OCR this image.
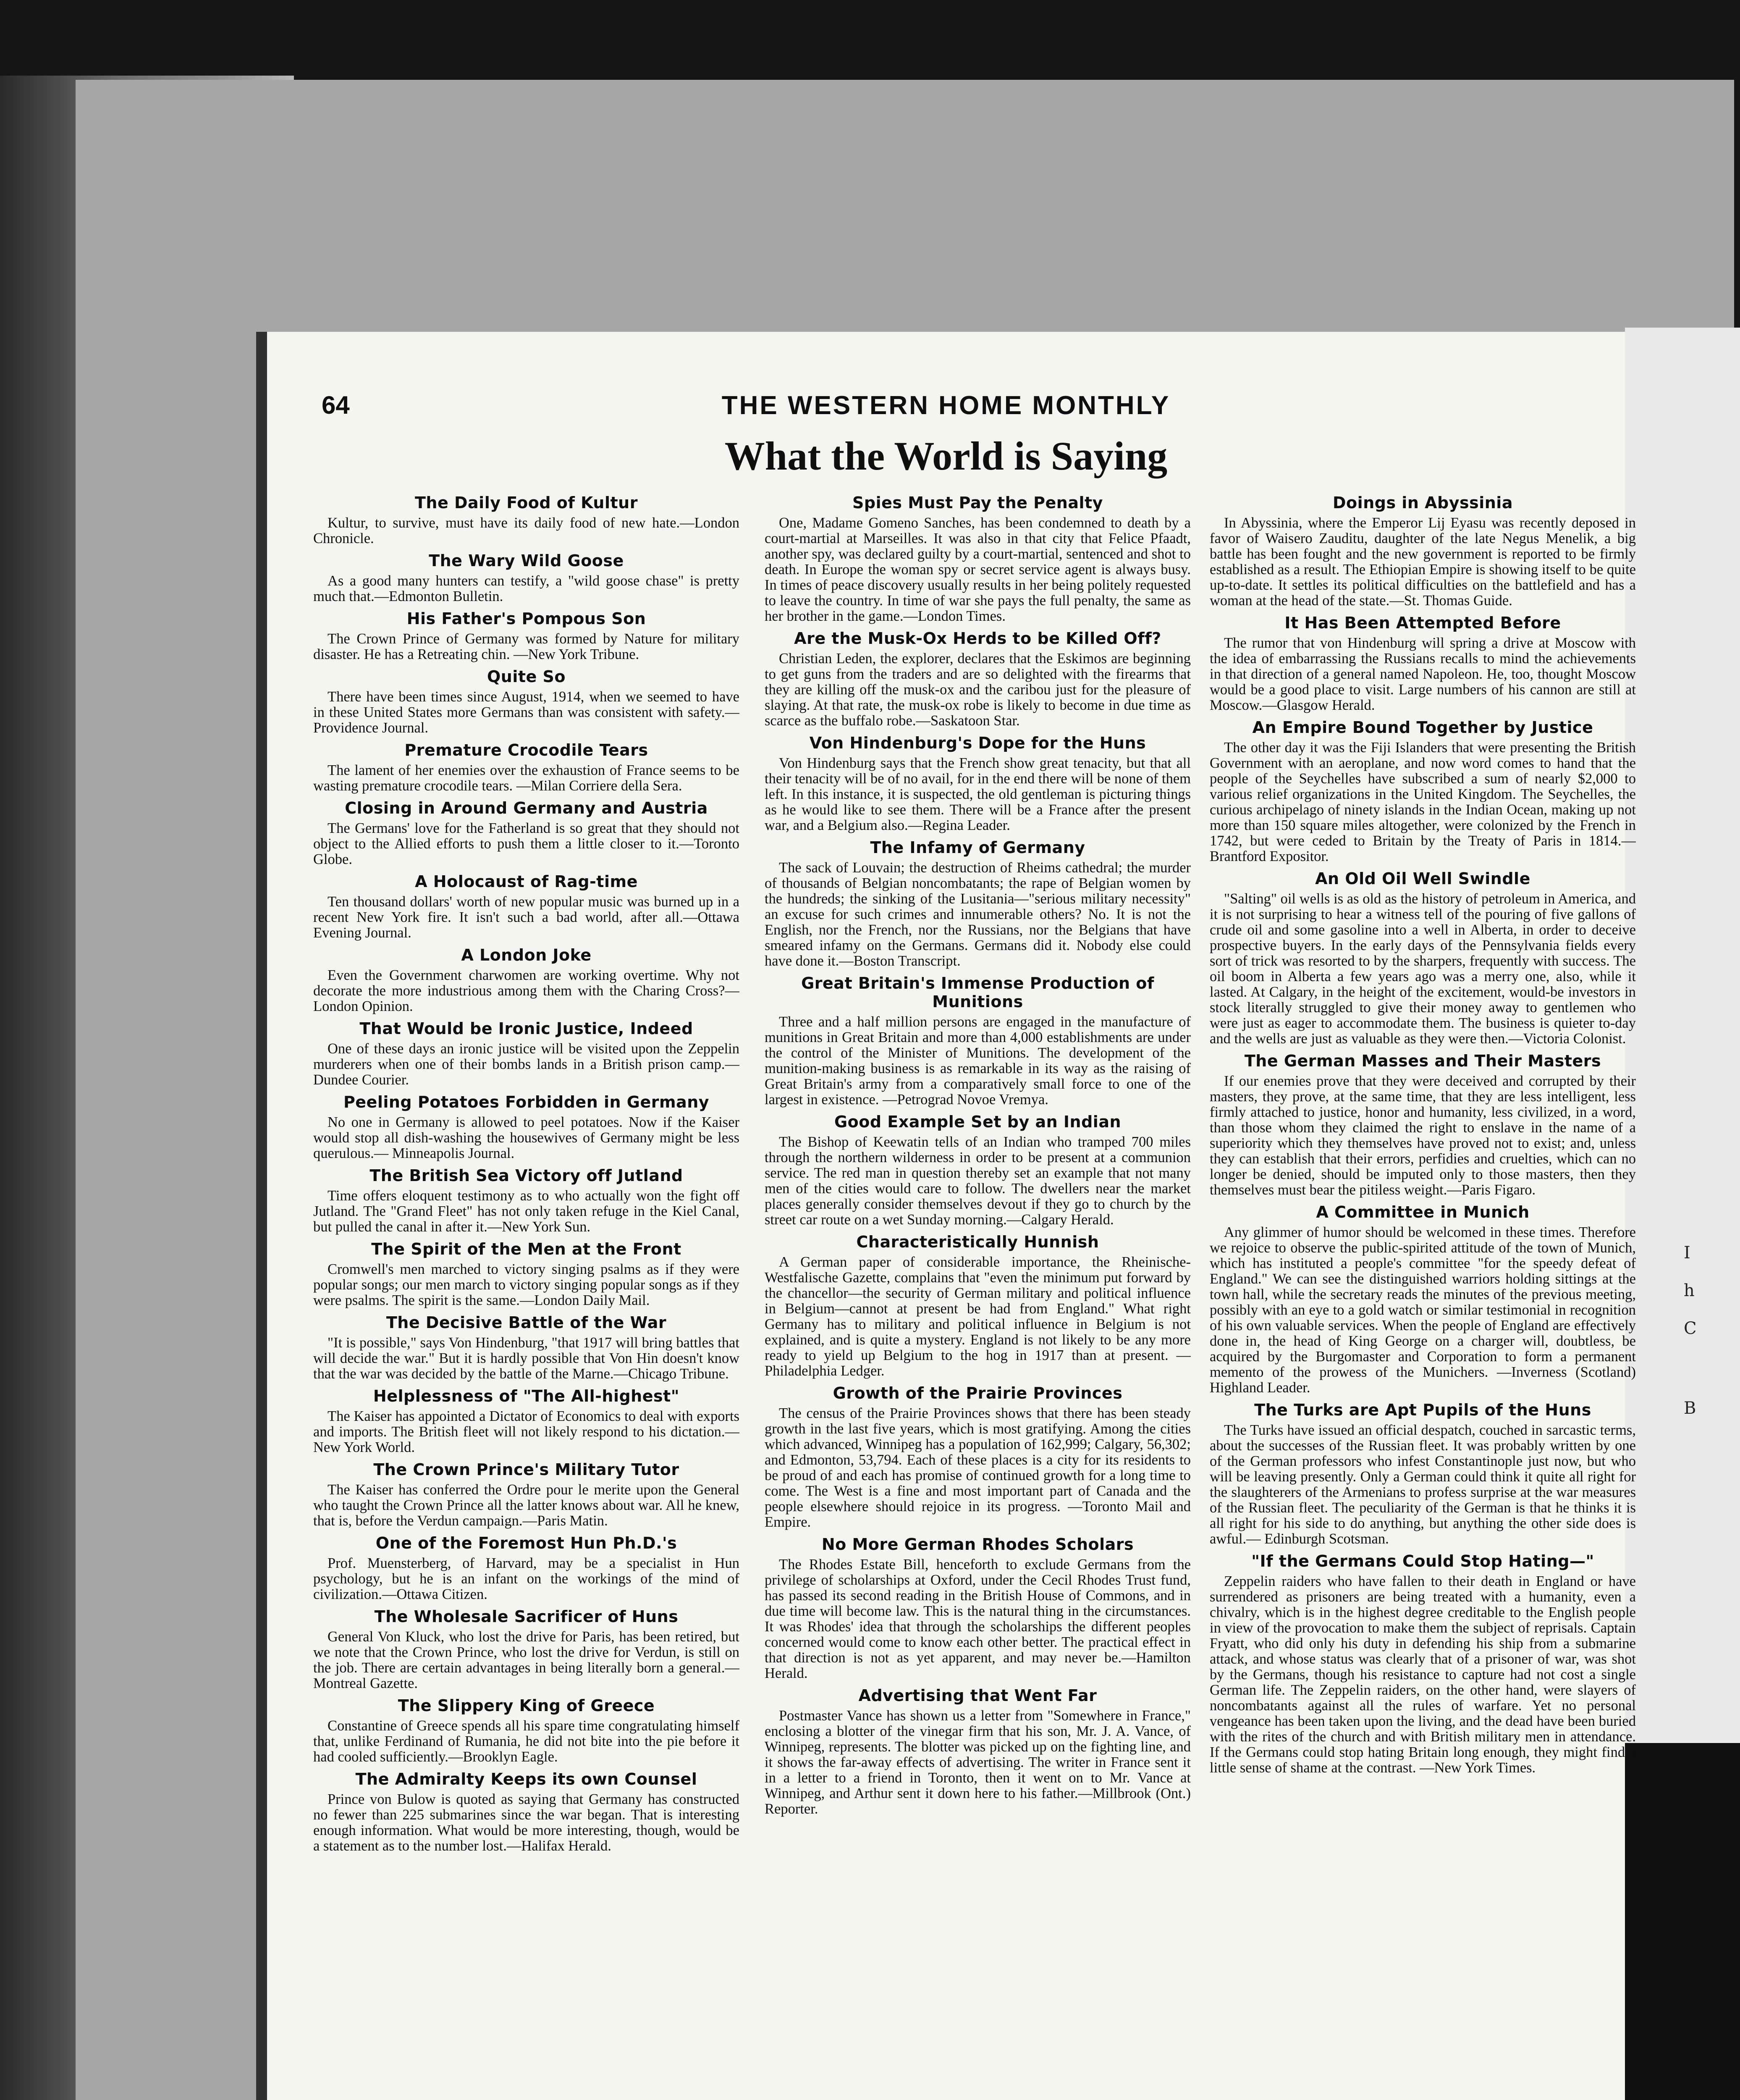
I
h
C
B
64	THE WESTERN HOME MONTHLY
What the World is Saying
The Daily Food of Kultur

Kultur, to survive, must have its daily food of new hate.—London Chronicle.

The Wary Wild Goose

As a good many hunters can testify, a "wild goose chase" is pretty much that.—Edmonton Bulletin.

His Father's Pompous Son

The Crown Prince of Germany was formed by Nature for military disaster. He has a Retreating chin. —New York Tribune.

Quite So

There have been times since August, 1914, when we seemed to have in these United States more Germans than was consistent with safety.—Providence Journal.

Premature Crocodile Tears

The lament of her enemies over the exhaustion of France seems to be wasting premature crocodile tears. —Milan Corriere della Sera.

Closing in Around Germany and Austria

The Germans' love for the Fatherland is so great that they should not object to the Allied efforts to push them a little closer to it.—Toronto Globe.

A Holocaust of Rag-time

Ten thousand dollars' worth of new popular music was burned up in a recent New York fire. It isn't such a bad world, after all.—Ottawa Evening Journal.

A London Joke

Even the Government charwomen are working overtime. Why not decorate the more industrious among them with the Charing Cross?—London Opinion.

That Would be Ironic Justice, Indeed

One of these days an ironic justice will be visited upon the Zeppelin murderers when one of their bombs lands in a British prison camp.—Dundee Courier.

Peeling Potatoes Forbidden in Germany

No one in Germany is allowed to peel potatoes. Now if the Kaiser would stop all dish-washing the housewives of Germany might be less querulous.— Minneapolis Journal.

The British Sea Victory off Jutland

Time offers eloquent testimony as to who actually won the fight off Jutland. The "Grand Fleet" has not only taken refuge in the Kiel Canal, but pulled the canal in after it.—New York Sun.

The Spirit of the Men at the Front

Cromwell's men marched to victory singing psalms as if they were popular songs; our men march to victory singing popular songs as if they were psalms. The spirit is the same.—London Daily Mail.

The Decisive Battle of the War

"It is possible," says Von Hindenburg, "that 1917 will bring battles that will decide the war." But it is hardly possible that Von Hin doesn't know that the war was decided by the battle of the Marne.—Chicago Tribune.

Helplessness of "The All-highest"

The Kaiser has appointed a Dictator of Economics to deal with exports and imports. The British fleet will not likely respond to his dictation.—New York World.

The Crown Prince's Military Tutor

The Kaiser has conferred the Ordre pour le merite upon the General who taught the Crown Prince all the latter knows about war. All he knew, that is, before the Verdun campaign.—Paris Matin.

One of the Foremost Hun Ph.D.'s

Prof. Muensterberg, of Harvard, may be a specialist in Hun psychology, but he is an infant on the workings of the mind of civilization.—Ottawa Citizen.

The Wholesale Sacrificer of Huns

General Von Kluck, who lost the drive for Paris, has been retired, but we note that the Crown Prince, who lost the drive for Verdun, is still on the job. There are certain advantages in being literally born a general.—Montreal Gazette.

The Slippery King of Greece

Constantine of Greece spends all his spare time congratulating himself that, unlike Ferdinand of Rumania, he did not bite into the pie before it had cooled sufficiently.—Brooklyn Eagle.

The Admiralty Keeps its own Counsel

Prince von Bulow is quoted as saying that Germany has constructed no fewer than 225 submarines since the war began. That is interesting enough information. What would be more interesting, though, would be a statement as to the number lost.—Halifax Herald.

Spies Must Pay the Penalty

One, Madame Gomeno Sanches, has been condemned to death by a court-martial at Marseilles. It was also in that city that Felice Pfaadt, another spy, was declared guilty by a court-martial, sentenced and shot to death. In Europe the woman spy or secret service agent is always busy. In times of peace discovery usually results in her being politely requested to leave the country. In time of war she pays the full penalty, the same as her brother in the game.—London Times.

Are the Musk-Ox Herds to be Killed Off?

Christian Leden, the explorer, declares that the Eskimos are beginning to get guns from the traders and are so delighted with the firearms that they are killing off the musk-ox and the caribou just for the pleasure of slaying. At that rate, the musk-ox robe is likely to become in due time as scarce as the buffalo robe.—Saskatoon Star.

Von Hindenburg's Dope for the Huns

Von Hindenburg says that the French show great tenacity, but that all their tenacity will be of no avail, for in the end there will be none of them left. In this instance, it is suspected, the old gentleman is picturing things as he would like to see them. There will be a France after the present war, and a Belgium also.—Regina Leader.

The Infamy of Germany

The sack of Louvain; the destruction of Rheims cathedral; the murder of thousands of Belgian noncombatants; the rape of Belgian women by the hundreds; the sinking of the Lusitania—"serious military necessity" an excuse for such crimes and innumerable others? No. It is not the English, nor the French, nor the Russians, nor the Belgians that have smeared infamy on the Germans. Germans did it. Nobody else could have done it.—Boston Transcript.

Great Britain's Immense Production of Munitions

Three and a half million persons are engaged in the manufacture of munitions in Great Britain and more than 4,000 establishments are under the control of the Minister of Munitions. The development of the munition-making business is as remarkable in its way as the raising of Great Britain's army from a comparatively small force to one of the largest in existence. —Petrograd Novoe Vremya.

Good Example Set by an Indian

The Bishop of Keewatin tells of an Indian who tramped 700 miles through the northern wilderness in order to be present at a communion service. The red man in question thereby set an example that not many men of the cities would care to follow. The dwellers near the market places generally consider themselves devout if they go to church by the street car route on a wet Sunday morning.—Calgary Herald.

Characteristically Hunnish

A German paper of considerable importance, the Rheinische-Westfalische Gazette, complains that "even the minimum put forward by the chancellor—the security of German military and political influence in Belgium—cannot at present be had from England." What right Germany has to military and political influence in Belgium is not explained, and is quite a mystery. England is not likely to be any more ready to yield up Belgium to the hog in 1917 than at present. —Philadelphia Ledger.

Growth of the Prairie Provinces

The census of the Prairie Provinces shows that there has been steady growth in the last five years, which is most gratifying. Among the cities which advanced, Winnipeg has a population of 162,999; Calgary, 56,302; and Edmonton, 53,794. Each of these places is a city for its residents to be proud of and each has promise of continued growth for a long time to come. The West is a fine and most important part of Canada and the people elsewhere should rejoice in its progress. —Toronto Mail and Empire.

No More German Rhodes Scholars

The Rhodes Estate Bill, henceforth to exclude Germans from the privilege of scholarships at Oxford, under the Cecil Rhodes Trust fund, has passed its second reading in the British House of Commons, and in due time will become law. This is the natural thing in the circumstances. It was Rhodes' idea that through the scholarships the different peoples concerned would come to know each other better. The practical effect in that direction is not as yet apparent, and may never be.—Hamilton Herald.

Advertising that Went Far

Postmaster Vance has shown us a letter from "Somewhere in France," enclosing a blotter of the vinegar firm that his son, Mr. J. A. Vance, of Winnipeg, represents. The blotter was picked up on the fighting line, and it shows the far-away effects of advertising. The writer in France sent it in a letter to a friend in Toronto, then it went on to Mr. Vance at Winnipeg, and Arthur sent it down here to his father.—Millbrook (Ont.) Reporter.

Doings in Abyssinia

In Abyssinia, where the Emperor Lij Eyasu was recently deposed in favor of Waisero Zauditu, daughter of the late Negus Menelik, a big battle has been fought and the new government is reported to be firmly established as a result. The Ethiopian Empire is showing itself to be quite up-to-date. It settles its political difficulties on the battlefield and has a woman at the head of the state.—St. Thomas Guide.

It Has Been Attempted Before

The rumor that von Hindenburg will spring a drive at Moscow with the idea of embarrassing the Russians recalls to mind the achievements in that direction of a general named Napoleon. He, too, thought Moscow would be a good place to visit. Large numbers of his cannon are still at Moscow.—Glasgow Herald.

An Empire Bound Together by Justice

The other day it was the Fiji Islanders that were presenting the British Government with an aeroplane, and now word comes to hand that the people of the Seychelles have subscribed a sum of nearly $2,000 to various relief organizations in the United Kingdom. The Seychelles, the curious archipelago of ninety islands in the Indian Ocean, making up not more than 150 square miles altogether, were colonized by the French in 1742, but were ceded to Britain by the Treaty of Paris in 1814.—Brantford Expositor.

An Old Oil Well Swindle

"Salting" oil wells is as old as the history of petroleum in America, and it is not surprising to hear a witness tell of the pouring of five gallons of crude oil and some gasoline into a well in Alberta, in order to deceive prospective buyers. In the early days of the Pennsylvania fields every sort of trick was resorted to by the sharpers, frequently with success. The oil boom in Alberta a few years ago was a merry one, also, while it lasted. At Calgary, in the height of the excitement, would-be investors in stock literally struggled to give their money away to gentlemen who were just as eager to accommodate them. The business is quieter to-day and the wells are just as valuable as they were then.—Victoria Colonist.

The German Masses and Their Masters

If our enemies prove that they were deceived and corrupted by their masters, they prove, at the same time, that they are less intelligent, less firmly attached to justice, honor and humanity, less civilized, in a word, than those whom they claimed the right to enslave in the name of a superiority which they themselves have proved not to exist; and, unless they can establish that their errors, perfidies and cruelties, which can no longer be denied, should be imputed only to those masters, then they themselves must bear the pitiless weight.—Paris Figaro.

A Committee in Munich

Any glimmer of humor should be welcomed in these times. Therefore we rejoice to observe the public-spirited attitude of the town of Munich, which has instituted a people's committee "for the speedy defeat of England." We can see the distinguished warriors holding sittings at the town hall, while the secretary reads the minutes of the previous meeting, possibly with an eye to a gold watch or similar testimonial in recognition of his own valuable services. When the people of England are effectively done in, the head of King George on a charger will, doubtless, be acquired by the Burgomaster and Corporation to form a permanent memento of the prowess of the Munichers. —Inverness (Scotland) Highland Leader.

The Turks are Apt Pupils of the Huns

The Turks have issued an official despatch, couched in sarcastic terms, about the successes of the Russian fleet. It was probably written by one of the German professors who infest Constantinople just now, but who will be leaving presently. Only a German could think it quite all right for the slaughterers of the Armenians to profess surprise at the war measures of the Russian fleet. The peculiarity of the German is that he thinks it is all right for his side to do anything, but anything the other side does is awful.— Edinburgh Scotsman.

"If the Germans Could Stop Hating—"

Zeppelin raiders who have fallen to their death in England or have surrendered as prisoners are being treated with a humanity, even a chivalry, which is in the highest degree creditable to the English people in view of the provocation to make them the subject of reprisals. Captain Fryatt, who did only his duty in defending his ship from a submarine attack, and whose status was clearly that of a prisoner of war, was shot by the Germans, though his resistance to capture had not cost a single German life. The Zeppelin raiders, on the other hand, were slayers of noncombatants against all the rules of warfare. Yet no personal vengeance has been taken upon the living, and the dead have been buried with the rites of the church and with British military men in attendance. If the Germans could stop hating Britain long enough, they might find a little sense of shame at the contrast. —New York Times.
